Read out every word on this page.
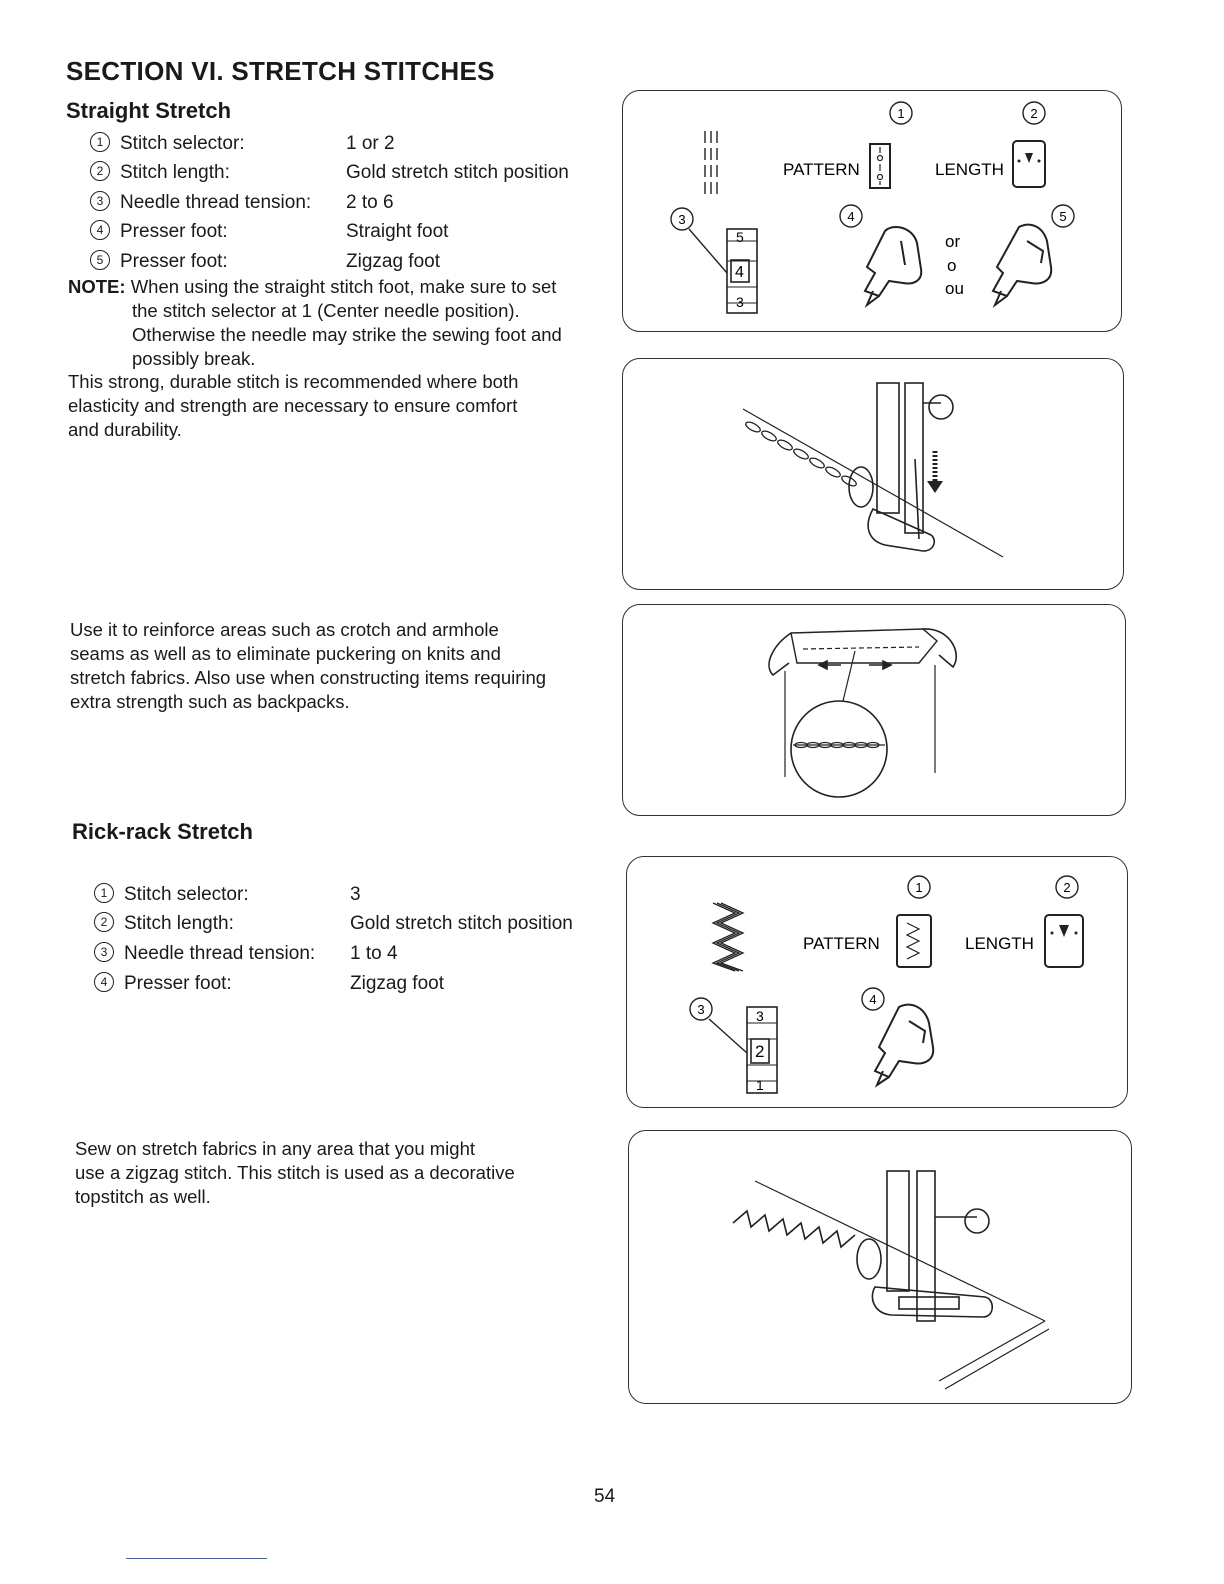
SECTION VI. STRETCH STITCHES
Straight Stretch
1 Stitch selector:	1 or 2
2 Stitch length:	Gold stretch stitch position
3 Needle thread tension: 2 to 6
4 Presser foot:	Straight foot
5 Presser foot:	Zigzag foot
NOTE: When using the straight stitch foot, make sure to set
the stitch selector at 1 (Center needle position).
Otherwise the needle may strike the sewing foot and
possibly break.
This strong, durable stitch is recommended where both
elasticity and strength are necessary to ensure comfort
and durability.
Use it to reinforce areas such as crotch and armhole
seams as well as to eliminate puckering on knits and
stretch fabrics. Also use when constructing items requiring
extra strength such as backpacks.
Rick-rack Stretch
1 Stitch selector:	3
2 Stitch length:	Gold stretch stitch position
3 Needle thread tension: 1 to 4
4 Presser foot:	Zigzag foot
Sew on stretch fabrics in any area that you might
use a zigzag stitch. This stitch is used as a decorative
topstitch as well.
1	2
3	4	5
PATTERN	LENGTH
5
4
3
or
o
ou
1	2
3
4
PATTERN	LENGTH
3
2
1
54
